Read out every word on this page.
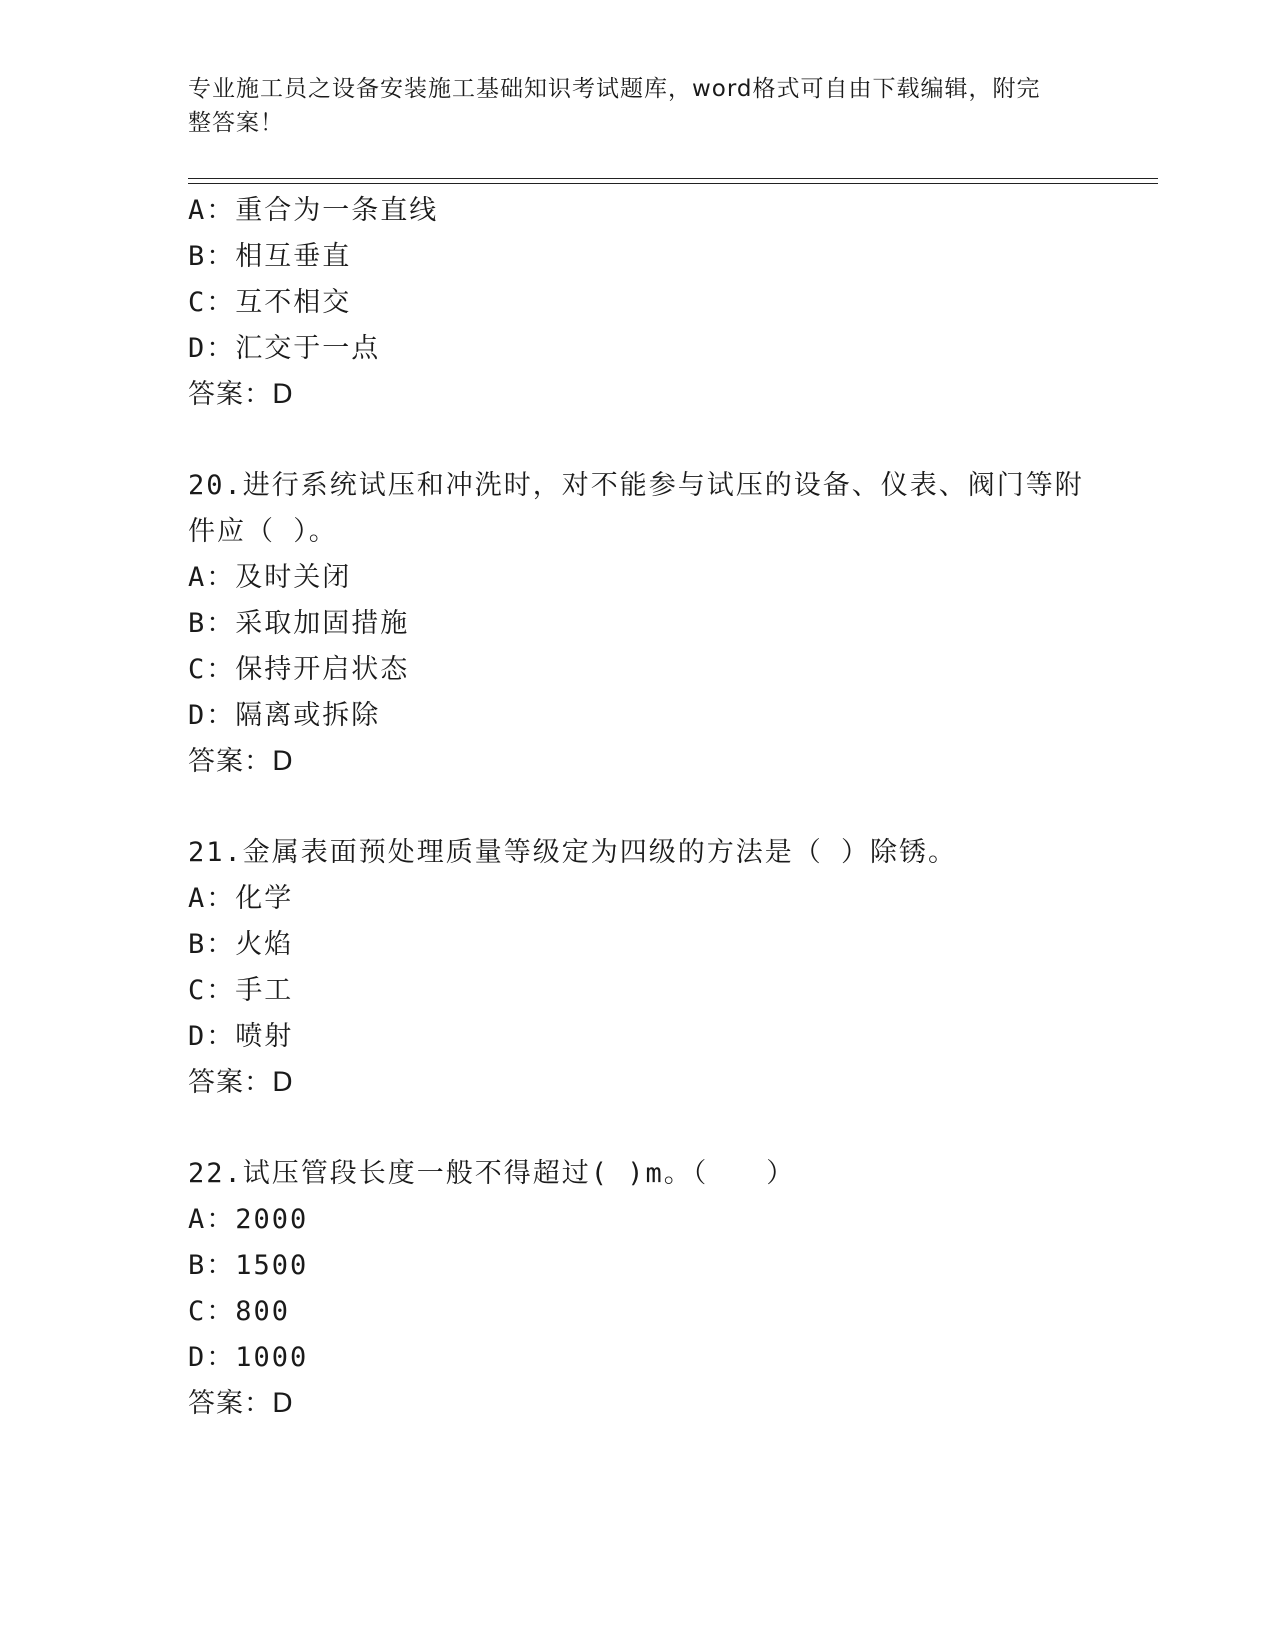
专业施工员之设备安装施工基础知识考试题库，word格式可自由下载编辑，附完
整答案！
A：重合为一条直线
B：相互垂直
C：互不相交
D：汇交于一点
答案：D
20.进行系统试压和冲洗时，对不能参与试压的设备、仪表、阀门等附
件应（ ）。
A：及时关闭
B：采取加固措施
C：保持开启状态
D：隔离或拆除
答案：D
21.金属表面预处理质量等级定为四级的方法是（ ）除锈。
A：化学
B：火焰
C：手工
D：喷射
答案：D
22.试压管段长度一般不得超过( )m。（　　）
A：2000
B：1500
C：800
D：1000
答案：D
